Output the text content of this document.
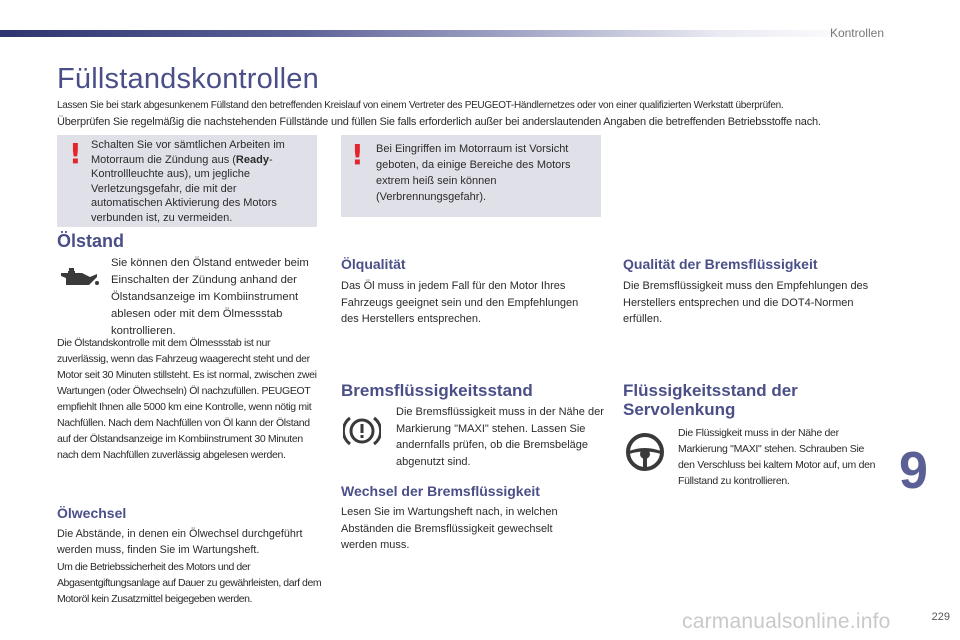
Kontrollen
Füllstandskontrollen

Lassen Sie bei stark abgesunkenem Füllstand den betreffenden Kreislauf von einem Vertreter des PEUGEOT-Händlernetzes oder von einer qualifizierten Werkstatt überprüfen.

Überprüfen Sie regelmäßig die nachstehenden Füllstände und füllen Sie falls erforderlich außer bei anderslautenden Angaben die betreffenden Betriebsstoffe nach.

! Schalten Sie vor sämtlichen Arbeiten im Motorraum die Zündung aus (Ready-Kontrollleuchte aus), um jegliche Verletzungsgefahr, die mit der automatischen Aktivierung des Motors verbunden ist, zu vermeiden.
! Bei Eingriffen im Motorraum ist Vorsicht geboten, da einige Bereiche des Motors extrem heiß sein können (Verbrennungsgefahr).
Ölstand

Sie können den Ölstand entweder beim Einschalten der Zündung anhand der Ölstandsanzeige im Kombiinstrument ablesen oder mit dem Ölmessstab kontrollieren.

Die Ölstandskontrolle mit dem Ölmessstab ist nur zuverlässig, wenn das Fahrzeug waagerecht steht und der Motor seit 30 Minuten stillsteht. Es ist normal, zwischen zwei Wartungen (oder Ölwechseln) Öl nachzufüllen. PEUGEOT empfiehlt Ihnen alle 5000 km eine Kontrolle, wenn nötig mit Nachfüllen. Nach dem Nachfüllen von Öl kann der Ölstand auf der Ölstandsanzeige im Kombiinstrument 30 Minuten nach dem Nachfüllen zuverlässig abgelesen werden.

Ölwechsel

Die Abstände, in denen ein Ölwechsel durchgeführt werden muss, finden Sie im Wartungsheft.

Um die Betriebssicherheit des Motors und der Abgasentgiftungsanlage auf Dauer zu gewährleisten, darf dem Motoröl kein Zusatzmittel beigegeben werden.

Ölqualität

Das Öl muss in jedem Fall für den Motor Ihres Fahrzeugs geeignet sein und den Empfehlungen des Herstellers entsprechen.

Bremsflüssigkeitsstand

Die Bremsflüssigkeit muss in der Nähe der Markierung "MAXI" stehen. Lassen Sie andernfalls prüfen, ob die Bremsbeläge abgenutzt sind.

Wechsel der Bremsflüssigkeit

Lesen Sie im Wartungsheft nach, in welchen Abständen die Bremsflüssigkeit gewechselt werden muss.

Qualität der Bremsflüssigkeit

Die Bremsflüssigkeit muss den Empfehlungen des Herstellers entsprechen und die DOT4-Normen erfüllen.

Flüssigkeitsstand der
Servolenkung

Die Flüssigkeit muss in der Nähe der Markierung "MAXI" stehen. Schrauben Sie den Verschluss bei kaltem Motor auf, um den Füllstand zu kontrollieren.	9
carmanualsonline.info	229
